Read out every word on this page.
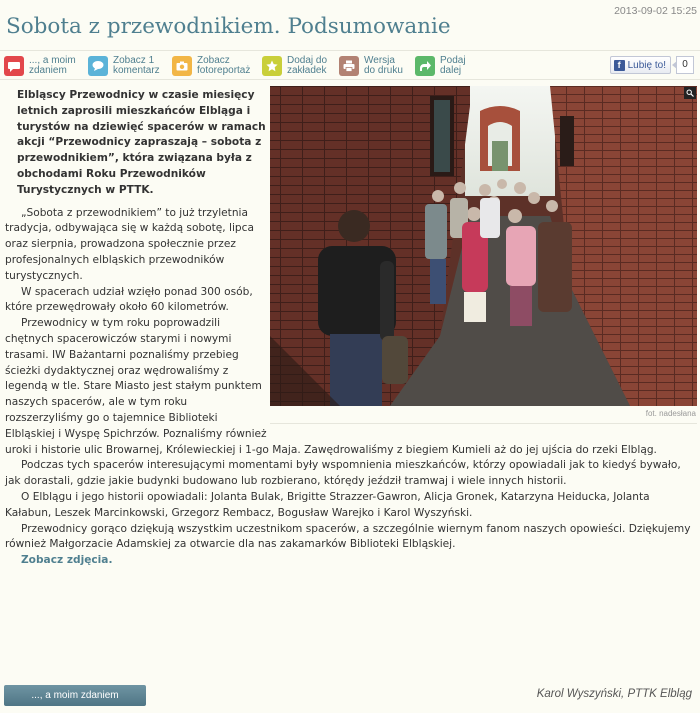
2013-09-02 15:25
Sobota z przewodnikiem. Podsumowanie
..., a moim
zdaniem
Zobacz 1
komentarz
Zobacz
fotoreportaż
Dodaj do
zakładek
Wersja
do druku
Podaj
dalej
f Lubię to!	0
fot. nadesłana

Elbląscy Przewodnicy w czasie miesięcy letnich zaprosili mieszkańców Elbląga i turystów na dziewięć spacerów w ramach akcji “Przewodnicy zapraszają – sobota z przewodnikiem”, która związana była z obchodami Roku Przewodników Turystycznych w PTTK.

„Sobota z przewodnikiem” to już trzyletnia tradycja, odbywająca się w każdą sobotę, lipca oraz sierpnia, prowadzona społecznie przez profesjonalnych elbląskich przewodników turystycznych.

W spacerach udział wzięło ponad 300 osób, które przewędrowały około 60 kilometrów.

Przewodnicy w tym roku poprowadzili chętnych spacerowiczów starymi i nowymi trasami. IW Bażantarni poznaliśmy przebieg ścieżki dydaktycznej oraz wędrowaliśmy z legendą w tle. Stare Miasto jest stałym punktem naszych spacerów, ale w tym roku rozszerzyliśmy go o tajemnice Biblioteki Elbląskiej i Wyspę Spichrzów. Poznaliśmy również uroki i historie ulic Browarnej, Królewieckiej i 1-go Maja. Zawędrowaliśmy z biegiem Kumieli aż do jej ujścia do rzeki Elbląg.

Podczas tych spacerów interesującymi momentami były wspomnienia mieszkańców, którzy opowiadali jak to kiedyś bywało, jak dorastali, gdzie jakie budynki budowano lub rozbierano, którędy jeździł tramwaj i wiele innych historii.

O Elblągu i jego historii opowiadali: Jolanta Bulak, Brigitte Strazzer-Gawron, Alicja Gronek, Katarzyna Heiducka, Jolanta Kałabun, Leszek Marcinkowski, Grzegorz Rembacz, Bogusław Warejko i Karol Wyszyński.

Przewodnicy gorąco dziękują wszystkim uczestnikom spacerów, a szczególnie wiernym fanom naszych opowieści. Dziękujemy również Małgorzacie Adamskiej za otwarcie dla nas zakamarków Biblioteki Elbląskiej.

Zobacz zdjęcia.

..., a moim zdaniem	Karol Wyszyński, PTTK Elbląg
